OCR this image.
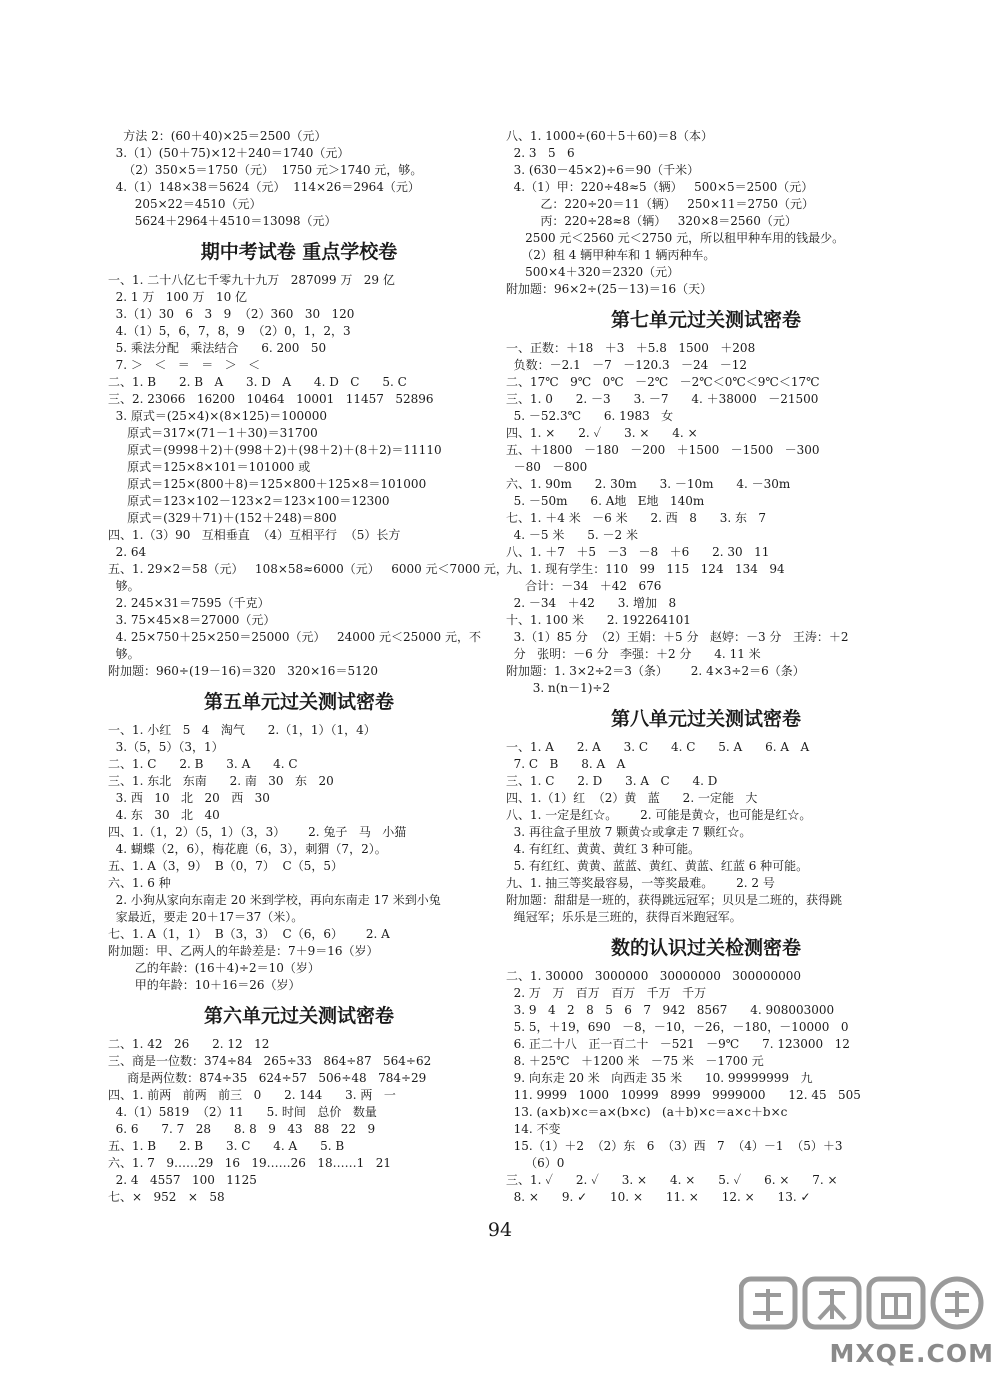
方法 2：(60＋40)×25＝2500（元）
3.（1）(50＋75)×12＋240＝1740（元）
（2）350×5＝1750（元）  1750 元＞1740 元，够。
4.（1）148×38＝5624（元）  114×26＝2964（元）
205×22＝4510（元）
5624＋2964＋4510＝13098（元）
期中考试卷 重点学校卷
一、1. 二十八亿七千零九十九万   287099 万   29 亿
2. 1 万   100 万   10 亿
3.（1）30   6   3   9  （2）360   30   120
4.（1）5，6，7，8，9  （2）0，1，2，3
5. 乘法分配   乘法结合      6. 200   50
7. ＞   ＜   ＝   ＝   ＞   ＜
二、1. B      2. B   A      3. D   A      4. D   C      5. C
三、2. 23066   16200   10464   10001   11457   52896
3. 原式＝(25×4)×(8×125)＝100000
原式＝317×(71－1＋30)＝31700
原式＝(9998＋2)＋(998＋2)＋(98＋2)＋(8＋2)＝11110
原式＝125×8×101＝101000 或
原式＝125×(800＋8)＝125×800＋125×8＝101000
原式＝123×102－123×2＝123×100＝12300
原式＝(329＋71)＋(152＋248)＝800
四、1.（3）90   互相垂直  （4）互相平行  （5）长方
2. 64
五、1. 29×2＝58（元）   108×58≈6000（元）   6000 元＜7000 元，
够。
2. 245×31＝7595（千克）
3. 75×45×8＝27000（元）
4. 25×750＋25×250＝25000（元）   24000 元＜25000 元，不
够。
附加题：960÷(19－16)＝320   320×16＝5120
第五单元过关测试密卷
一、1. 小红   5   4   淘气      2.（1，1）（1，4）
3.（5，5）（3，1）
二、1. C      2. B      3. A      4. C
三、1. 东北   东南      2. 南   30   东   20
3. 西   10   北   20   西   30
4. 东   30   北   40
四、1.（1，2）（5，1）（3，3）      2. 兔子   马   小猫
4. 蝴蝶（2，6），梅花鹿（6，3），刺猬（7，2）。
五、1. A（3，9）  B（0，7）  C（5，5）
六、1. 6 种
2. 小狗从家向东南走 20 米到学校，再向东南走 17 米到小兔
家最近，要走 20＋17＝37（米）。
七、1. A（1，1）  B（3，3）  C（6，6）      2. A
附加题：甲、乙两人的年龄差是：7＋9＝16（岁）
乙的年龄：(16＋4)÷2＝10（岁）
甲的年龄：10＋16＝26（岁）
第六单元过关测试密卷
二、1. 42   26      2. 12   12
三、商是一位数：374÷84   265÷33   864÷87   564÷62
商是两位数：874÷35   624÷57   506÷48   784÷29
四、1. 前两   前两   前三   0      2. 144      3. 两   一
4.（1）5819  （2）11      5. 时间   总价   数量
6. 6      7. 7   28      8. 8   9   43   88   22   9
五、1. B      2. B      3. C      4. A      5. B
六、1. 7   9……29   16   19……26   18……1   21
2. 4   4557   100   1125
七、×   952   ×   58
八、1. 1000÷(60＋5＋60)＝8（本）
2. 3   5   6
3. (630－45×2)÷6＝90（千米）
4.（1）甲：220÷48≈5（辆）   500×5＝2500（元）
乙：220÷20＝11（辆）   250×11＝2750（元）
丙：220÷28≈8（辆）   320×8＝2560（元）
2500 元＜2560 元＜2750 元，所以租甲种车用的钱最少。
（2）租 4 辆甲种车和 1 辆丙种车。
500×4＋320＝2320（元）
附加题：96×2÷(25－13)＝16（天）
第七单元过关测试密卷
一、正数：＋18   ＋3   ＋5.8   1500   ＋208
负数：－2.1   －7   －120.3   －24   －12
二、17℃   9℃   0℃   －2℃   －2℃＜0℃＜9℃＜17℃
三、1. 0      2. －3      3. －7      4. ＋38000   －21500
5. －52.3℃      6. 1983   女
四、1. ×      2. ✓      3. ×      4. ×
五、＋1800   －180   －200   ＋1500   －1500   －300
－80   －800
六、1. 90m      2. 30m      3. －10m      4. －30m
5. －50m      6. A地   E地   140m
七、1. ＋4 米   －6 米      2. 西   8      3. 东   7
4. －5 米      5. －2 米
八、1. ＋7   ＋5   －3   －8   ＋6      2. 30   11
九、1. 现有学生：110   99   115   124   134   94
合计：－34   ＋42   676
2. －34   ＋42      3. 增加   8
十、1. 100 米      2. 192264101
3.（1）85 分  （2）王娟：＋5 分   赵婷：－3 分   王涛：＋2
分   张明：－6 分   李强：＋2 分      4. 11 米
附加题：1. 3×2÷2＝3（条）      2. 4×3÷2＝6（条）
3. n(n－1)÷2
第八单元过关测试密卷
一、1. A      2. A      3. C      4. C      5. A      6. A   A
7. C   B      8. A   A
三、1. C      2. D      3. A   C      4. D
四、1.（1）红  （2）黄   蓝      2. 一定能   大
八、1. 一定是红☆。      2. 可能是黄☆，也可能是红☆。
3. 再往盒子里放 7 颗黄☆或拿走 7 颗红☆。
4. 有红红、黄黄、黄红 3 种可能。
5. 有红红、黄黄、蓝蓝、黄红、黄蓝、红蓝 6 种可能。
九、1. 抽三等奖最容易，一等奖最难。      2. 2 号
附加题：甜甜是一班的，获得跳远冠军；贝贝是二班的，获得跳
绳冠军；乐乐是三班的，获得百米跑冠军。
数的认识过关检测密卷
二、1. 30000   3000000   30000000   300000000
2. 万   万   百万   百万   千万   千万
3. 9   4   2   8   5   6   7   942   8567      4. 908003000
5. 5，＋19，690   －8，－10，－26，－180，－10000   0
6. 正二十八   正一百二十   －521   －9℃      7. 123000   12
8. ＋25℃   ＋1200 米   －75 米   －1700 元
9. 向东走 20 米   向西走 35 米      10. 99999999   九
11. 9999   1000   10999   8999   9999000      12. 45   505
13. (a×b)×c＝a×(b×c)   (a＋b)×c＝a×c＋b×c
14. 不变
15.（1）＋2  （2）东   6  （3）西   7  （4）－1  （5）＋3
（6）0
三、1. ✓      2. ✓      3. ×      4. ×      5. ✓      6. ×      7. ×
8. ×      9. ✓      10. ×      11. ×      12. ×      13. ✓
94
MXQE.COM
